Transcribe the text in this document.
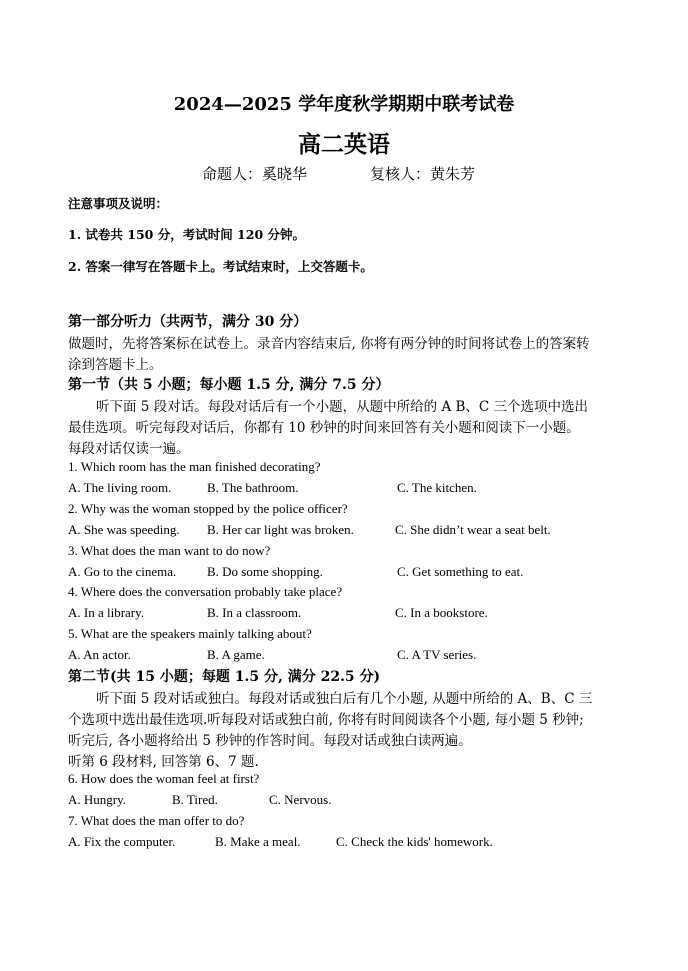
2024—2025 学年度秋学期期中联考试卷
高二英语
命题人：奚晓华	复核人：黄朱芳
注意事项及说明：
1. 试卷共 150 分，考试时间 120 分钟。
2. 答案一律写在答题卡上。考试结束时，上交答题卡。
第一部分听力（共两节，满分 30 分）
做题时，先将答案标在试卷上。录音内容结束后, 你将有两分钟的时间将试卷上的答案转
涂到答题卡上。
第一节（共 5 小题；每小题 1.5 分, 满分 7.5 分）
听下面 5 段对话。每段对话后有一个小题，从题中所给的 A B、C 三个选项中选出
最佳选项。听完每段对话后，你都有 10 秒钟的时间来回答有关小题和阅读下一小题。
每段对话仅读一遍。
1. Which room has the man finished decorating?
A. The living room.	B. The bathroom.	C. The kitchen.
2. Why was the woman stopped by the police officer?
A. She was speeding. B. Her car light was broken.	C. She didn’t wear a seat belt.
3. What does the man want to do now?
A. Go to the cinema. B. Do some shopping.	C. Get something to eat.
4. Where does the conversation probably take place?
A. In a library.	B. In a classroom.	C. In a bookstore.
5. What are the speakers mainly talking about?
A. An actor.	B. A game.	C. A TV series.
第二节(共 15 小题；每题 1.5 分, 满分 22.5 分)
听下面 5 段对话或独白。每段对话或独白后有几个小题, 从题中所给的 A、B、C 三
个选项中选出最佳选项.听每段对话或独白前, 你将有时间阅读各个小题, 每小题 5 秒钟;
听完后, 各小题将给出 5 秒钟的作答时间。每段对话或独白读两遍。
听第 6 段材料, 回答第 6、7 题.
6. How does the woman feel at first?
A. Hungry.	B. Tired.	C. Nervous.
7. What does the man offer to do?
A. Fix the computer.	B. Make a meal.	C. Check the kids' homework.
